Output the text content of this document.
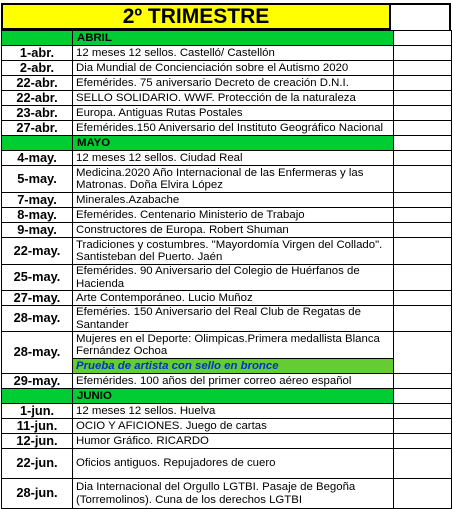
2º TRIMESTRE
	ABRIL	
1-abr.	12 meses 12 sellos. Castelló/ Castellón	
2-abr.	Dia Mundial de Concienciación sobre el Autismo 2020	
22-abr.	Efemérides. 75 aniversario Decreto de creación D.N.I.	
22-abr.	SELLO SOLIDARIO. WWF. Protección de la naturaleza	
23-abr.	Europa. Antiguas Rutas Postales	
27-abr.	Efemérides.150 Aniversario del Instituto Geográfico Nacional	
	MAYO	
4-may.	12 meses 12 sellos. Ciudad Real	
5-may.	Medicina.2020 Año Internacional de las Enfermeras y las Matronas. Doña Elvira López	
7-may.	Minerales.Azabache	
8-may.	Efemérides. Centenario Ministerio de Trabajo	
9-may.	Constructores de Europa. Robert Shuman	
22-may.	Tradiciones y costumbres. "Mayordomía Virgen del Collado". Santisteban del Puerto. Jaén	
25-may.	Efemérides. 90 Aniversario del Colegio de Huérfanos de Hacienda	
27-may.	Arte Contemporáneo. Lucio Muñoz	
28-may.	Efeméries. 150 Aniversario del Real Club de Regatas de Santander	
28-may.	Mujeres en el Deporte: Olimpicas.Primera medallista Blanca Fernández Ochoa	
	Prueba de artista con sello en bronce	
29-may.	Efemérides. 100 años del primer correo aéreo español	
	JUNIO	
1-jun.	12 meses 12 sellos. Huelva	
11-jun.	OCIO Y AFICIONES. Juego de cartas	
12-jun.	Humor Gráfico. RICARDO	
22-jun.	Oficios antiguos. Repujadores de cuero	
28-jun.	Dia Internacional del Orgullo LGTBI. Pasaje de Begoña (Torremolinos). Cuna de los derechos LGTBI	
